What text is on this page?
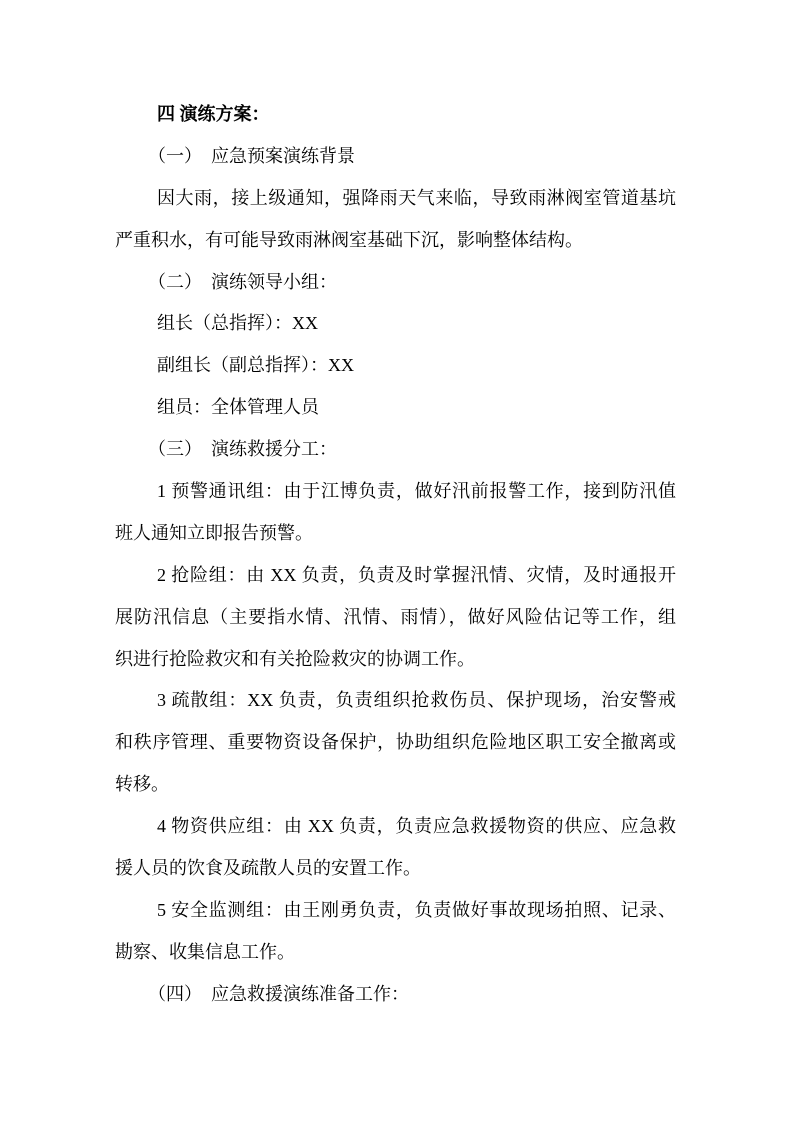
四 演练方案：

（一）　应急预案演练背景

因大雨，接上级通知，强降雨天气来临，导致雨淋阀室管道基坑

严重积水，有可能导致雨淋阀室基础下沉，影响整体结构。

（二）　演练领导小组：

组长（总指挥）：XX

副组长（副总指挥）：XX

组员：全体管理人员

（三）　演练救援分工：

1 预警通讯组：由于江博负责，做好汛前报警工作，接到防汛值

班人通知立即报告预警。

2 抢险组：由 XX 负责，负责及时掌握汛情、灾情，及时通报开

展防汛信息（主要指水情、汛情、雨情），做好风险估记等工作，组

织进行抢险救灾和有关抢险救灾的协调工作。

3 疏散组：XX 负责，负责组织抢救伤员、保护现场，治安警戒

和秩序管理、重要物资设备保护，协助组织危险地区职工安全撤离或

转移。

4 物资供应组：由 XX 负责，负责应急救援物资的供应、应急救

援人员的饮食及疏散人员的安置工作。

5 安全监测组：由王刚勇负责，负责做好事故现场拍照、记录、

勘察、收集信息工作。

（四）　应急救援演练准备工作：
